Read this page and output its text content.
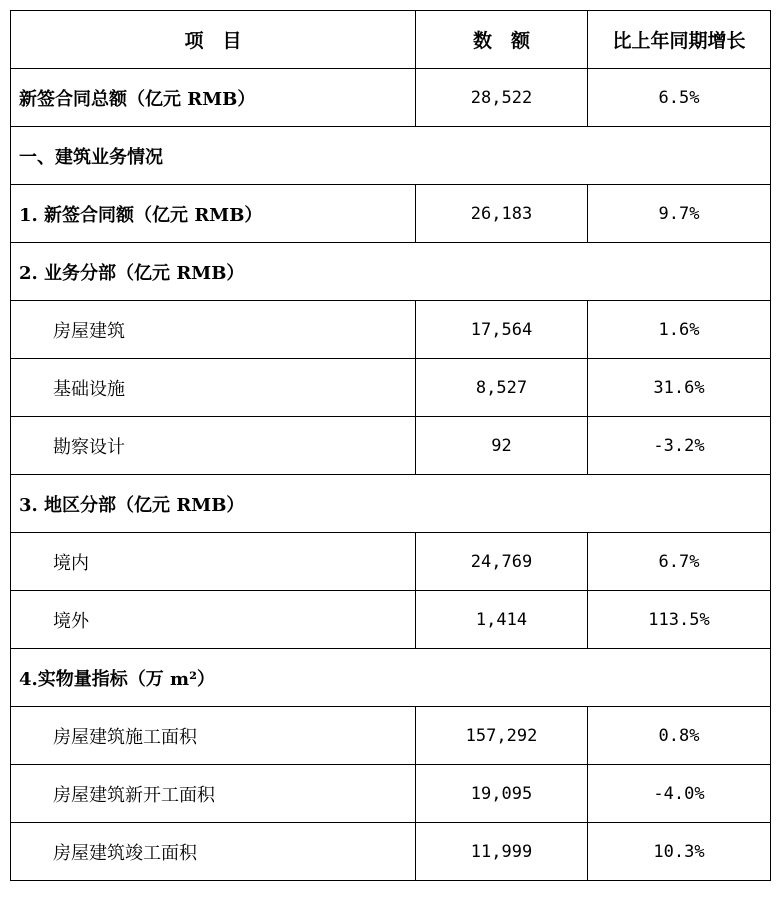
项　目	数　额	比上年同期增长
新签合同总额（亿元 RMB）	28,522	6.5%
一、建筑业务情况		
1. 新签合同额（亿元 RMB）	26,183	9.7%
2. 业务分部（亿元 RMB）		
房屋建筑	17,564	1.6%
基础设施	8,527	31.6%
勘察设计	92	-3.2%
3. 地区分部（亿元 RMB）		
境内	24,769	6.7%
境外	1,414	113.5%
4.实物量指标（万 m²）		
房屋建筑施工面积	157,292	0.8%
房屋建筑新开工面积	19,095	-4.0%
房屋建筑竣工面积	11,999	10.3%
